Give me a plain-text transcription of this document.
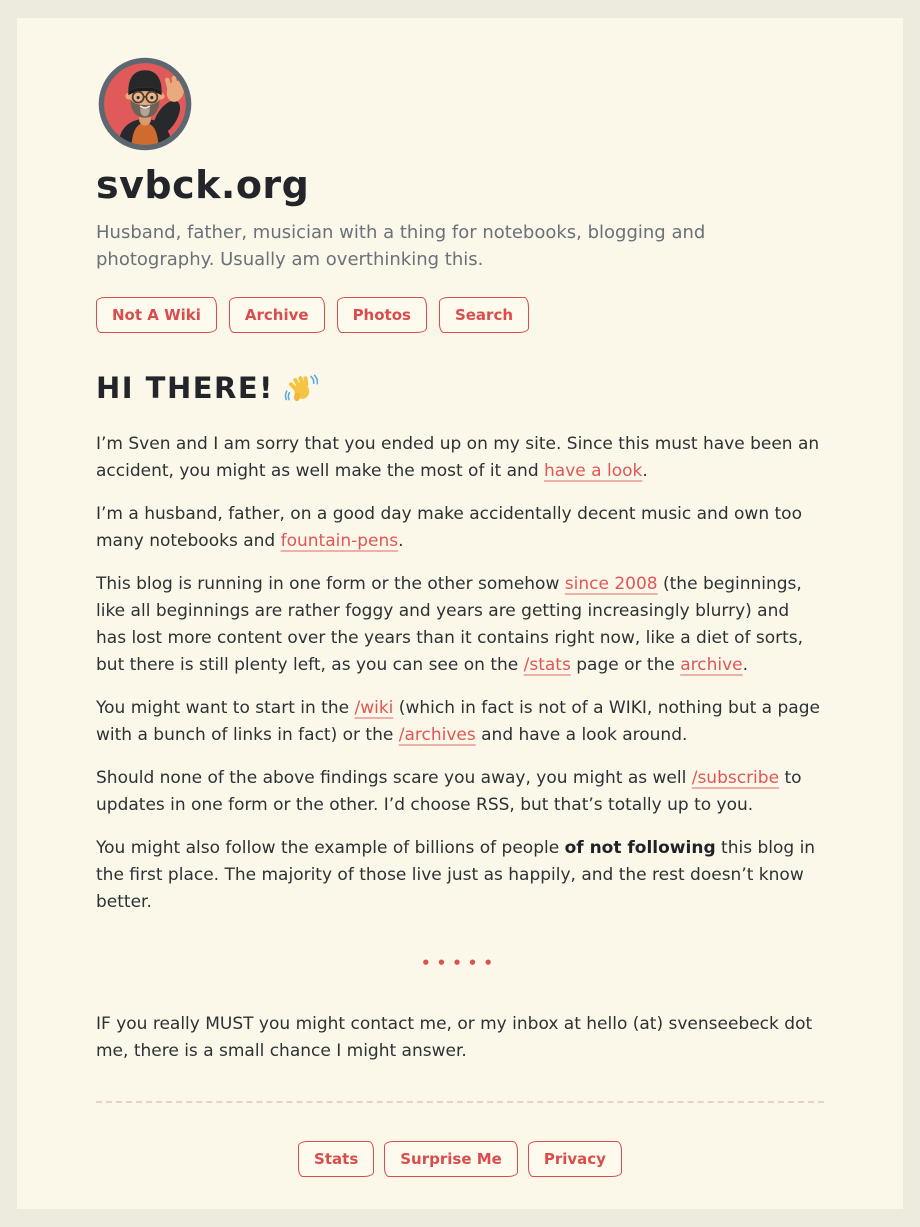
svbck.org

Husband, father, musician with a thing for notebooks, blogging and photography. Usually am overthinking this.

Not A Wiki	Archive	Photos	Search
HI THERE!

I’m Sven and I am sorry that you ended up on my site. Since this must have been an accident, you might as well make the most of it and have a look.

I’m a husband, father, on a good day make accidentally decent music and own too many notebooks and fountain-pens.

This blog is running in one form or the other somehow since 2008 (the beginnings, like all beginnings are rather foggy and years are getting increasingly blurry) and has lost more content over the years than it contains right now, like a diet of sorts, but there is still plenty left, as you can see on the /stats page or the archive.

You might want to start in the /wiki (which in fact is not of a WIKI, nothing but a page with a bunch of links in fact) or the /archives and have a look around.

Should none of the above findings scare you away, you might as well /subscribe to updates in one form or the other. I’d choose RSS, but that’s totally up to you.

You might also follow the example of billions of people of not following this blog in the first place. The majority of those live just as happily, and the rest doesn’t know better.

•••••

IF you really MUST you might contact me, or my inbox at hello (at) svenseebeck dot me, there is a small chance I might answer.

Stats	Surprise Me	Privacy
